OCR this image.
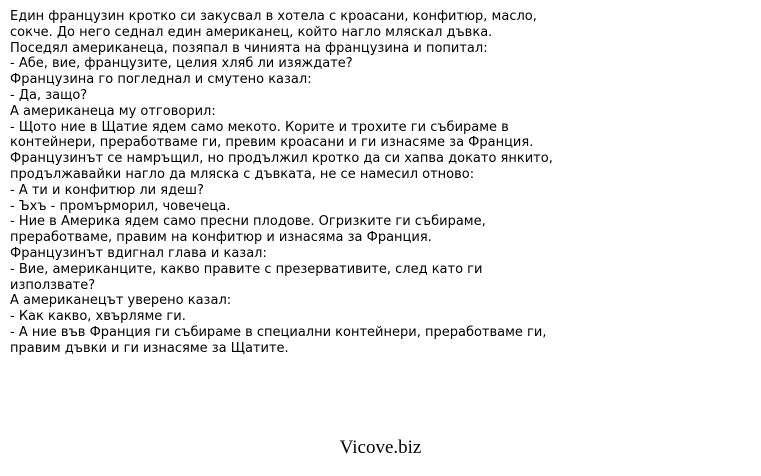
Един французин кротко си закусвал в хотела с кроасани, конфитюр, масло,
сокче. До него седнал един американец, който нагло мляскал дъвка.
Поседял американеца, позяпал в чинията на французина и попитал:
- Абе, вие, французите, целия хляб ли изяждате?
Французина го погледнал и смутено казал:
- Да, защо?
А американеца му отговорил:
- Щото ние в Щатие ядем само мекото. Корите и трохите ги събираме в
контейнери, преработваме ги, превим кроасани и ги изнасяме за Франция.
Французинът се намръщил, но продължил кротко да си хапва докато янкито,
продължавайки нагло да мляска с дъвката, не се намесил отново:
- А ти и конфитюр ли ядеш?
- Ъхъ - промърморил, човечеца.
- Ние в Америка ядем само пресни плодове. Огризките ги събираме,
преработваме, правим на конфитюр и изнасяма за Франция.
Французинът вдигнал глава и казал:
- Вие, американците, какво правите с презервативите, след като ги
използвате?
А американецът уверено казал:
- Как какво, хвърляме ги.
- А ние във Франция ги събираме в специални контейнери, преработваме ги,
правим дъвки и ги изнасяме за Щатите.
Vicove.biz
